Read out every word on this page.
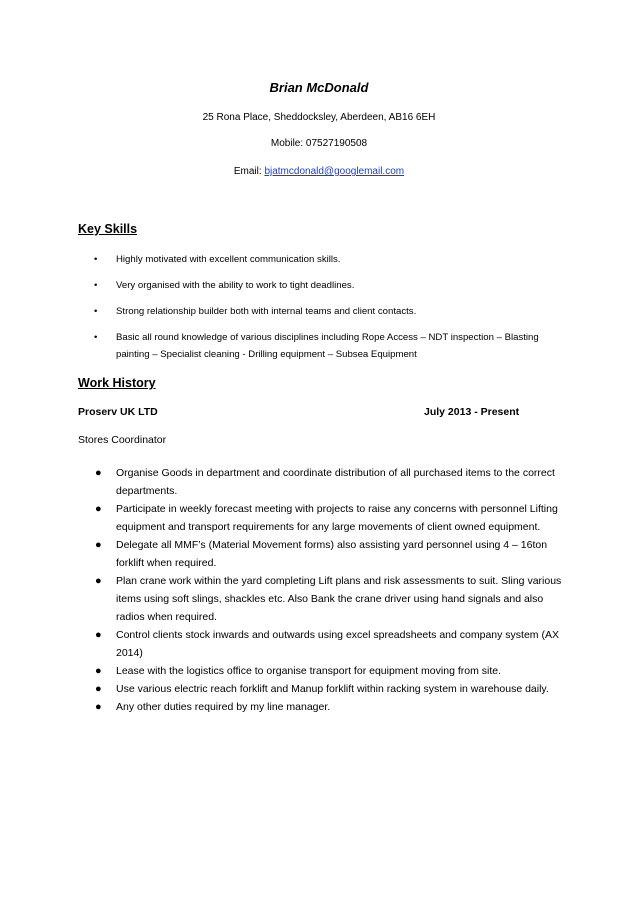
Brian McDonald
25 Rona Place, Sheddocksley, Aberdeen, AB16 6EH
Mobile: 07527190508
Email: bjatmcdonald@googlemail.com
Key Skills
• Highly motivated with excellent communication skills.
• Very organised with the ability to work to tight deadlines.
• Strong relationship builder both with internal teams and client contacts.
• Basic all round knowledge of various disciplines including Rope Access – NDT inspection – Blasting painting – Specialist cleaning - Drilling equipment – Subsea Equipment
Work History
Proserv UK LTD	July 2013 - Present
Stores Coordinator
● Organise Goods in department and coordinate distribution of all purchased items to the correct departments.
● Participate in weekly forecast meeting with projects to raise any concerns with personnel Lifting equipment and transport requirements for any large movements of client owned equipment.
● Delegate all MMF’s (Material Movement forms) also assisting yard personnel using 4 – 16ton forklift when required.
● Plan crane work within the yard completing Lift plans and risk assessments to suit. Sling various items using soft slings, shackles etc. Also Bank the crane driver using hand signals and also radios when required.
● Control clients stock inwards and outwards using excel spreadsheets and company system (AX 2014)
● Lease with the logistics office to organise transport for equipment moving from site.
● Use various electric reach forklift and Manup forklift within racking system in warehouse daily.
● Any other duties required by my line manager.
